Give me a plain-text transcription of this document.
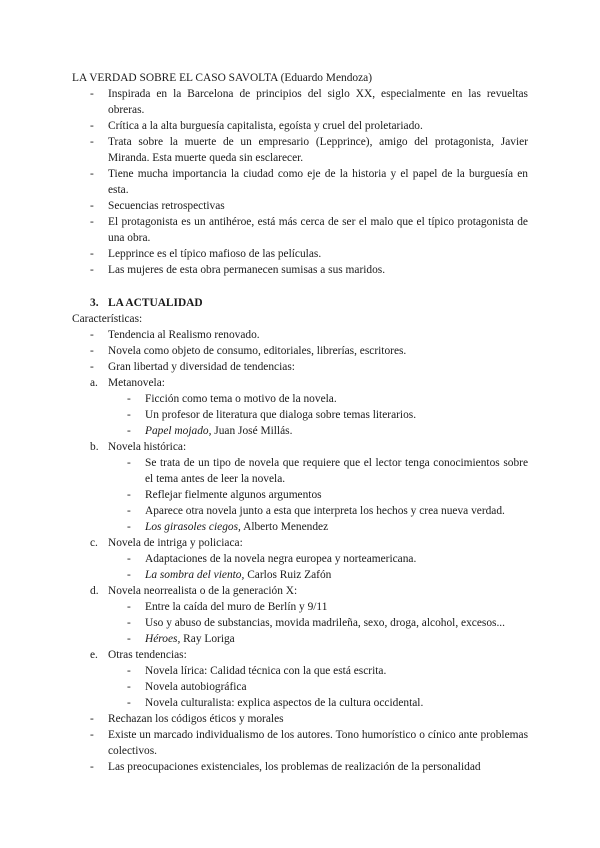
LA VERDAD SOBRE EL CASO SAVOLTA (Eduardo Mendoza)
- Inspirada en la Barcelona de principios del siglo XX, especialmente en las revueltas obreras.
- Crítica a la alta burguesía capitalista, egoísta y cruel del proletariado.
- Trata sobre la muerte de un empresario (Lepprince), amigo del protagonista, Javier Miranda. Esta muerte queda sin esclarecer.
- Tiene mucha importancia la ciudad como eje de la historia y el papel de la burguesía en esta.
- Secuencias retrospectivas
- El protagonista es un antihéroe, está más cerca de ser el malo que el típico protagonista de una obra.
- Lepprince es el típico mafioso de las películas.
- Las mujeres de esta obra permanecen sumisas a sus maridos.
3. LA ACTUALIDAD
Características:
- Tendencia al Realismo renovado.
- Novela como objeto de consumo, editoriales, librerías, escritores.
- Gran libertad y diversidad de tendencias:
a. Metanovela:
- Ficción como tema o motivo de la novela.
- Un profesor de literatura que dialoga sobre temas literarios.
- Papel mojado, Juan José Millás.
b. Novela histórica:
- Se trata de un tipo de novela que requiere que el lector tenga conocimientos sobre el tema antes de leer la novela.
- Reflejar fielmente algunos argumentos
- Aparece otra novela junto a esta que interpreta los hechos y crea nueva verdad.
- Los girasoles ciegos, Alberto Menendez
c. Novela de intriga y policiaca:
- Adaptaciones de la novela negra europea y norteamericana.
- La sombra del viento, Carlos Ruiz Zafón
d. Novela neorrealista o de la generación X:
- Entre la caída del muro de Berlín y 9/11
- Uso y abuso de substancias, movida madrileña, sexo, droga, alcohol, excesos...
- Héroes, Ray Loriga
e. Otras tendencias:
- Novela lírica: Calidad técnica con la que está escrita.
- Novela autobiográfica
- Novela culturalista: explica aspectos de la cultura occidental.
- Rechazan los códigos éticos y morales
- Existe un marcado individualismo de los autores. Tono humorístico o cínico ante problemas colectivos.
- Las preocupaciones existenciales, los problemas de realización de la personalidad
